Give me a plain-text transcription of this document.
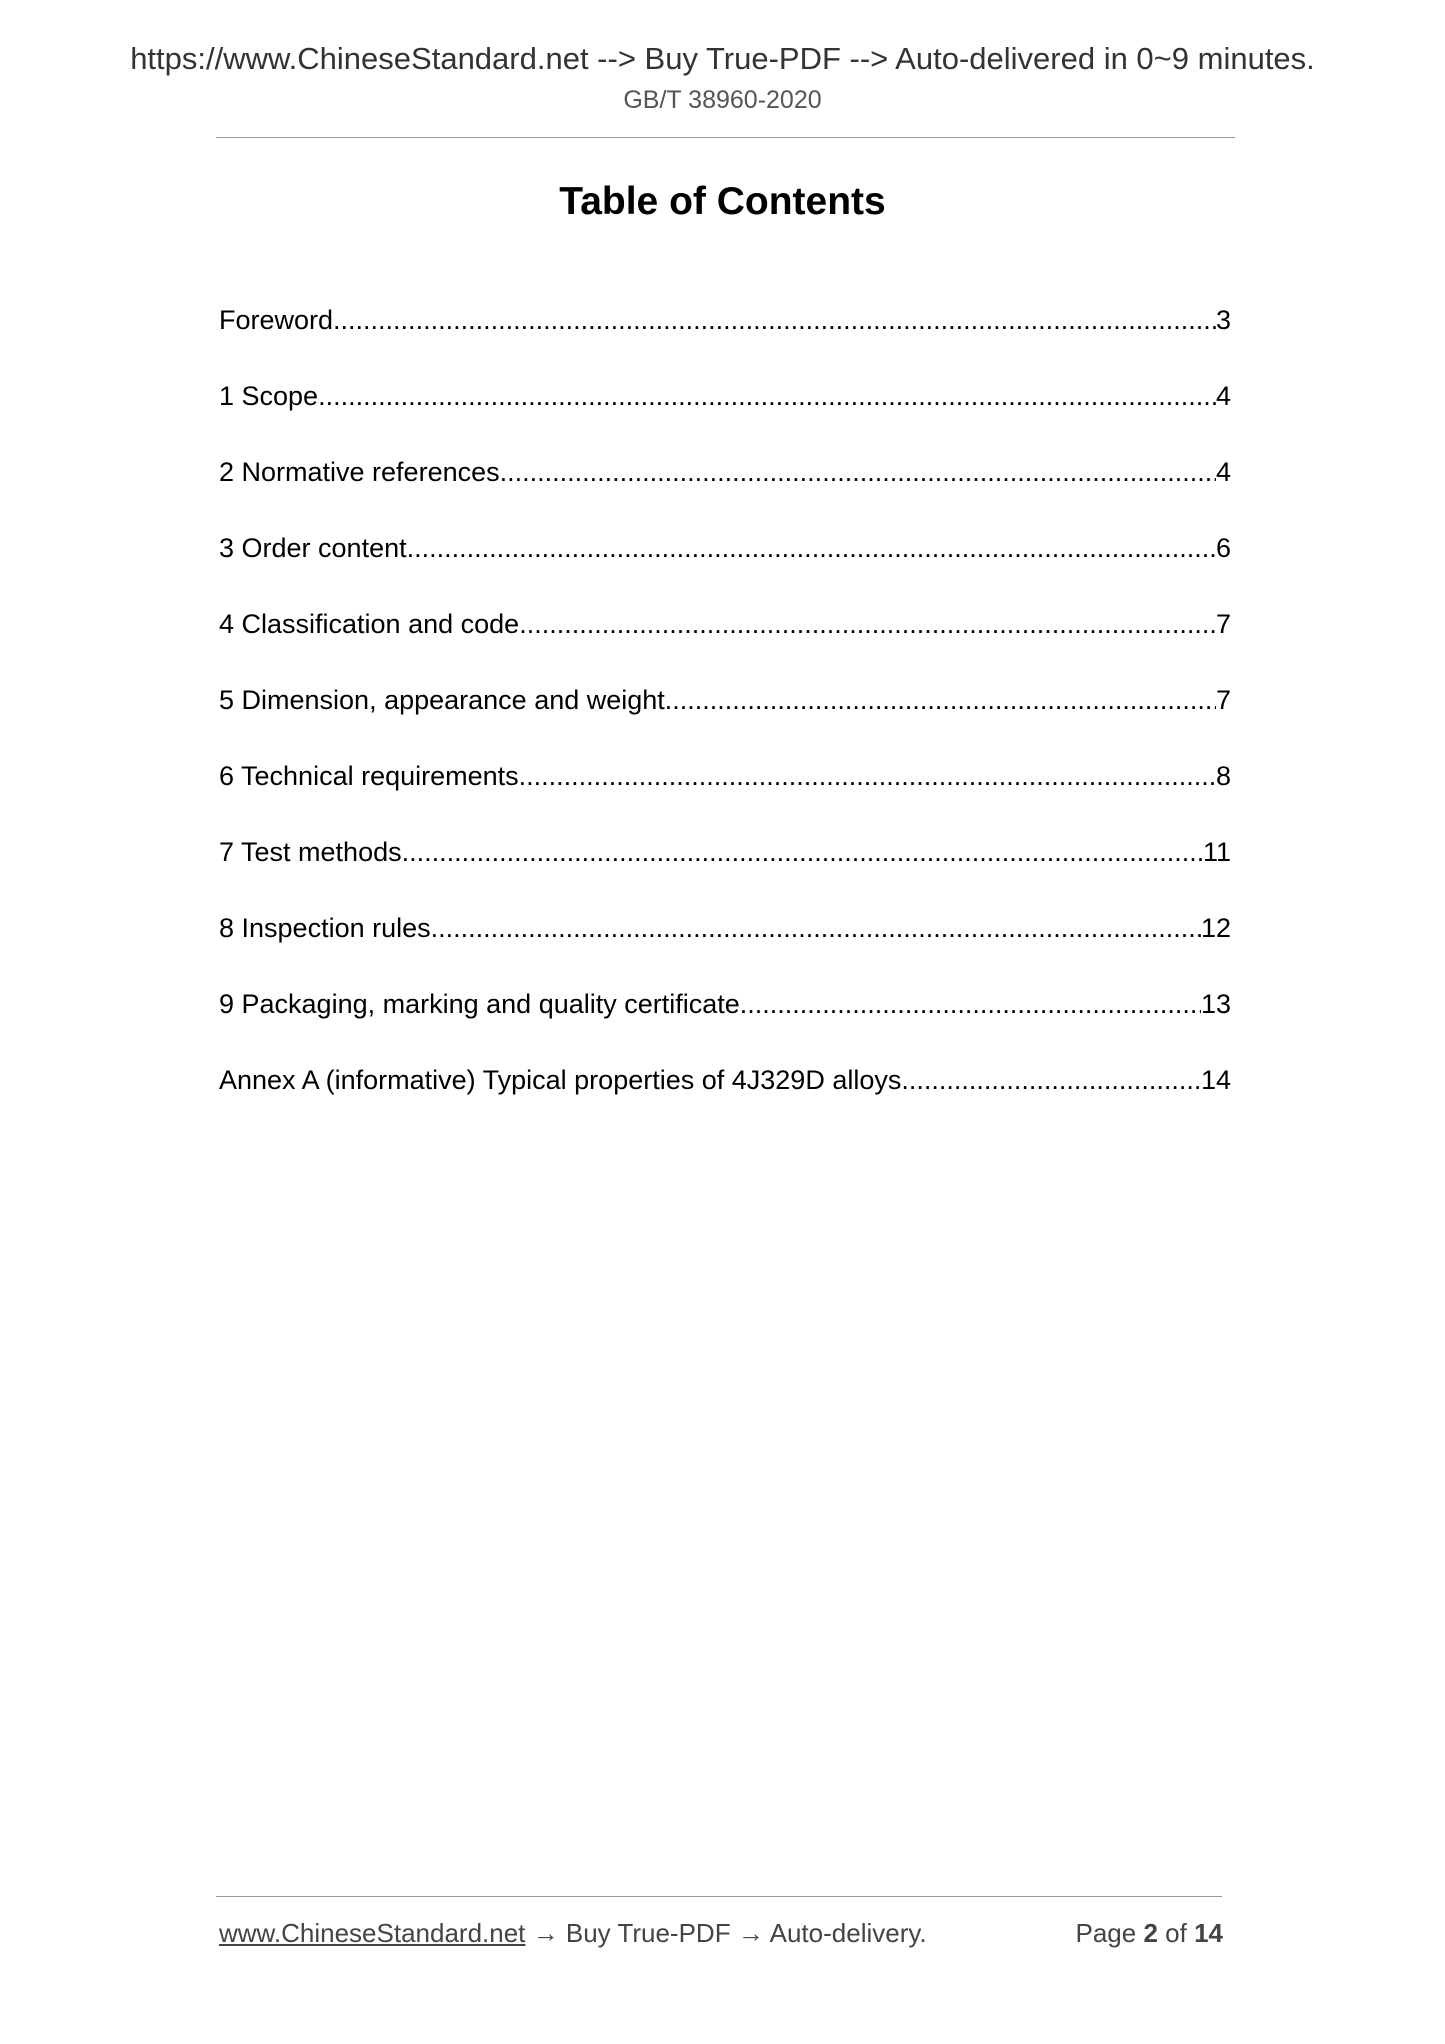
https://www.ChineseStandard.net --> Buy True-PDF --> Auto-delivered in 0~9 minutes.
GB/T 38960-2020
Table of Contents
Foreword .....	3
1 Scope .....	4
2 Normative references .....	4
3 Order content .....	6
4 Classification and code .....	7
5 Dimension, appearance and weight .....	7
6 Technical requirements .....	8
7 Test methods .....	11
8 Inspection rules .....	12
9 Packaging, marking and quality certificate .....	13
Annex A (informative) Typical properties of 4J329D alloys .....	14
www.ChineseStandard.net → Buy True-PDF → Auto-delivery.	Page 2 of 14
